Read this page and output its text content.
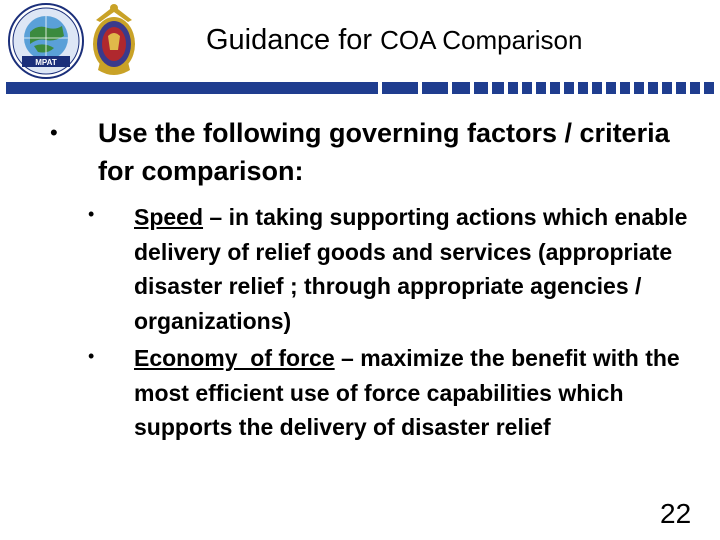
MPAT
Guidance for COA Comparison
• Use the following governing factors / criteria for comparison:
• Speed – in taking supporting actions which enable delivery of relief goods and services (appropriate disaster relief ; through appropriate agencies / organizations)
• Economy  of force – maximize the benefit with the most efficient use of force capabilities which supports the delivery of disaster relief
22
